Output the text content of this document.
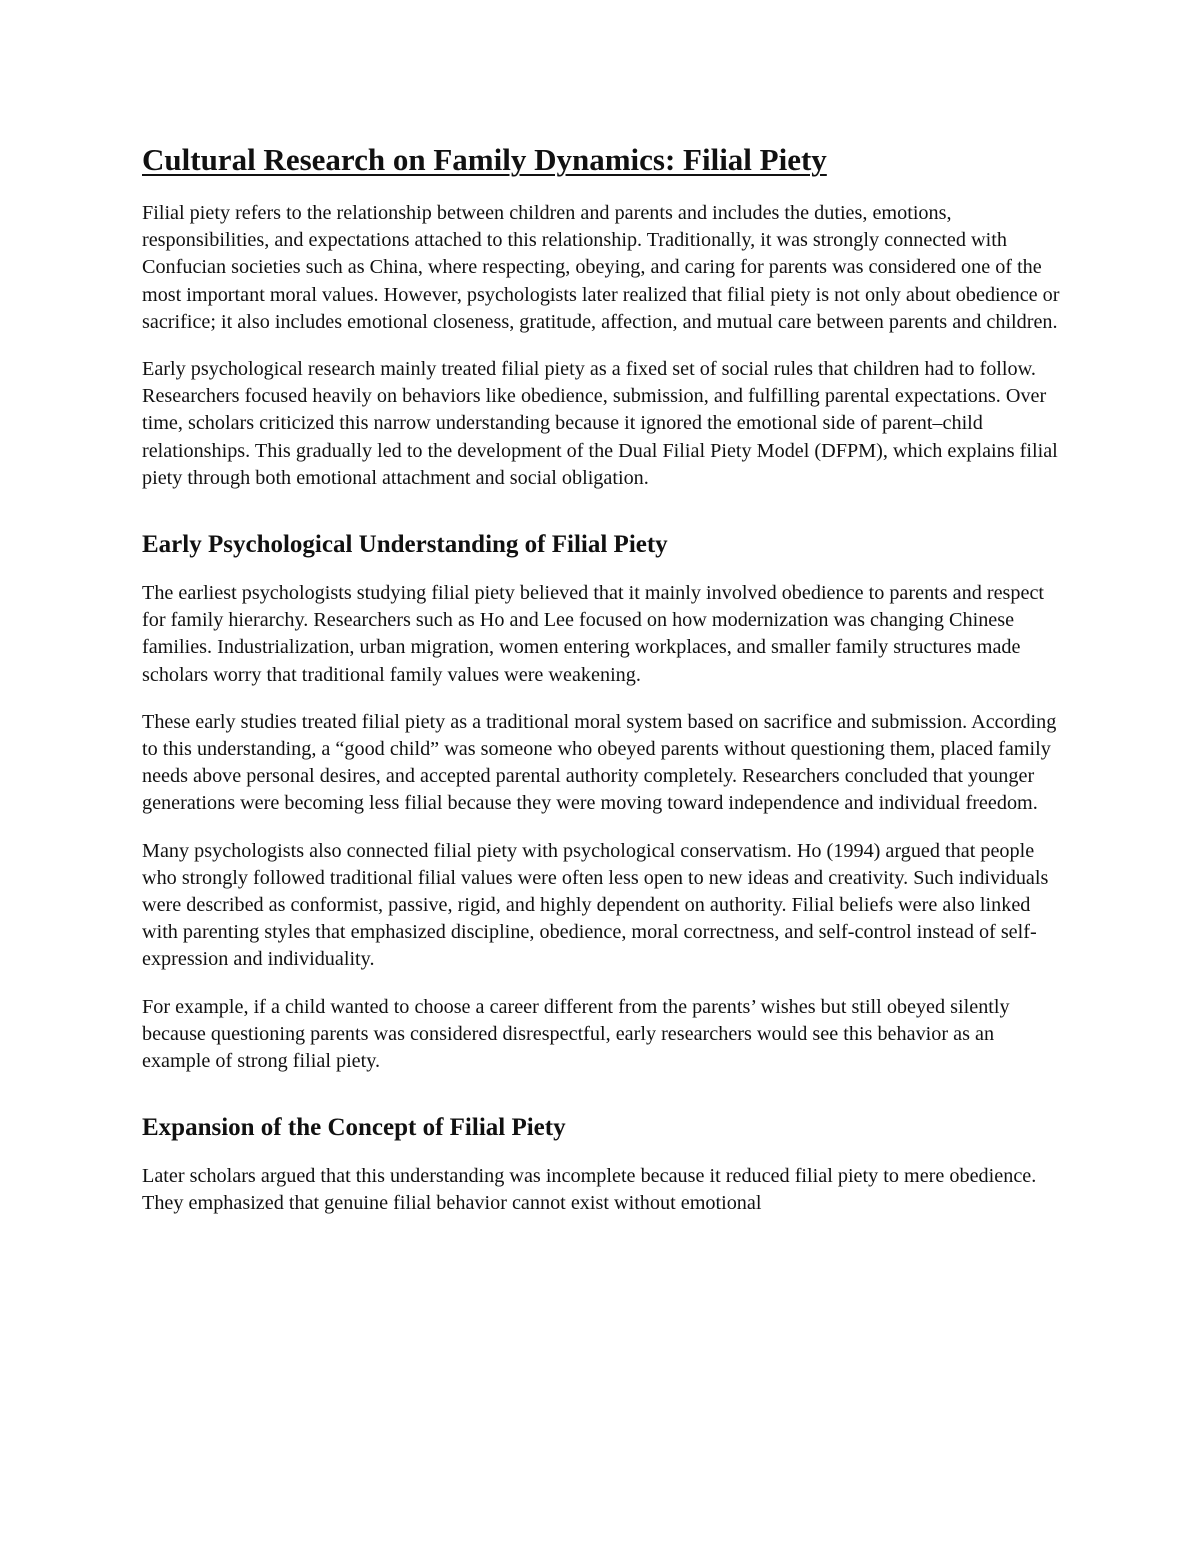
Cultural Research on Family Dynamics: Filial Piety

Filial piety refers to the relationship between children and parents and includes the duties, emotions, responsibilities, and expectations attached to this relationship. Traditionally, it was strongly connected with Confucian societies such as China, where respecting, obeying, and caring for parents was considered one of the most important moral values. However, psychologists later realized that filial piety is not only about obedience or sacrifice; it also includes emotional closeness, gratitude, affection, and mutual care between parents and children.

Early psychological research mainly treated filial piety as a fixed set of social rules that children had to follow. Researchers focused heavily on behaviors like obedience, submission, and fulfilling parental expectations. Over time, scholars criticized this narrow understanding because it ignored the emotional side of parent–child relationships. This gradually led to the development of the Dual Filial Piety Model (DFPM), which explains filial piety through both emotional attachment and social obligation.

Early Psychological Understanding of Filial Piety

The earliest psychologists studying filial piety believed that it mainly involved obedience to parents and respect for family hierarchy. Researchers such as Ho and Lee focused on how modernization was changing Chinese families. Industrialization, urban migration, women entering workplaces, and smaller family structures made scholars worry that traditional family values were weakening.

These early studies treated filial piety as a traditional moral system based on sacrifice and submission. According to this understanding, a “good child” was someone who obeyed parents without questioning them, placed family needs above personal desires, and accepted parental authority completely. Researchers concluded that younger generations were becoming less filial because they were moving toward independence and individual freedom.

Many psychologists also connected filial piety with psychological conservatism. Ho (1994) argued that people who strongly followed traditional filial values were often less open to new ideas and creativity. Such individuals were described as conformist, passive, rigid, and highly dependent on authority. Filial beliefs were also linked with parenting styles that emphasized discipline, obedience, moral correctness, and self-control instead of self-expression and individuality.

For example, if a child wanted to choose a career different from the parents’ wishes but still obeyed silently because questioning parents was considered disrespectful, early researchers would see this behavior as an example of strong filial piety.

Expansion of the Concept of Filial Piety

Later scholars argued that this understanding was incomplete because it reduced filial piety to mere obedience. They emphasized that genuine filial behavior cannot exist without emotional
